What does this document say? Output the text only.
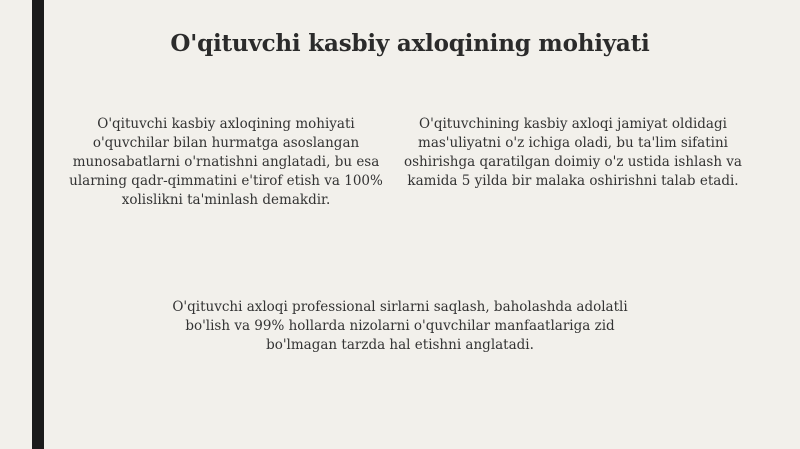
O'qituvchi kasbiy axloqining mohiyati

O'qituvchi kasbiy axloqining mohiyati o'quvchilar bilan hurmatga asoslangan munosabatlarni o'rnatishni anglatadi, bu esa ularning qadr-qimmatini e'tirof etish va 100% xolislikni ta'minlash demakdir.

O'qituvchining kasbiy axloqi jamiyat oldidagi mas'uliyatni o'z ichiga oladi, bu ta'lim sifatini oshirishga qaratilgan doimiy o'z ustida ishlash va kamida 5 yilda bir malaka oshirishni talab etadi.

O'qituvchi axloqi professional sirlarni saqlash, baholashda adolatli bo'lish va 99% hollarda nizolarni o'quvchilar manfaatlariga zid bo'lmagan tarzda hal etishni anglatadi.
